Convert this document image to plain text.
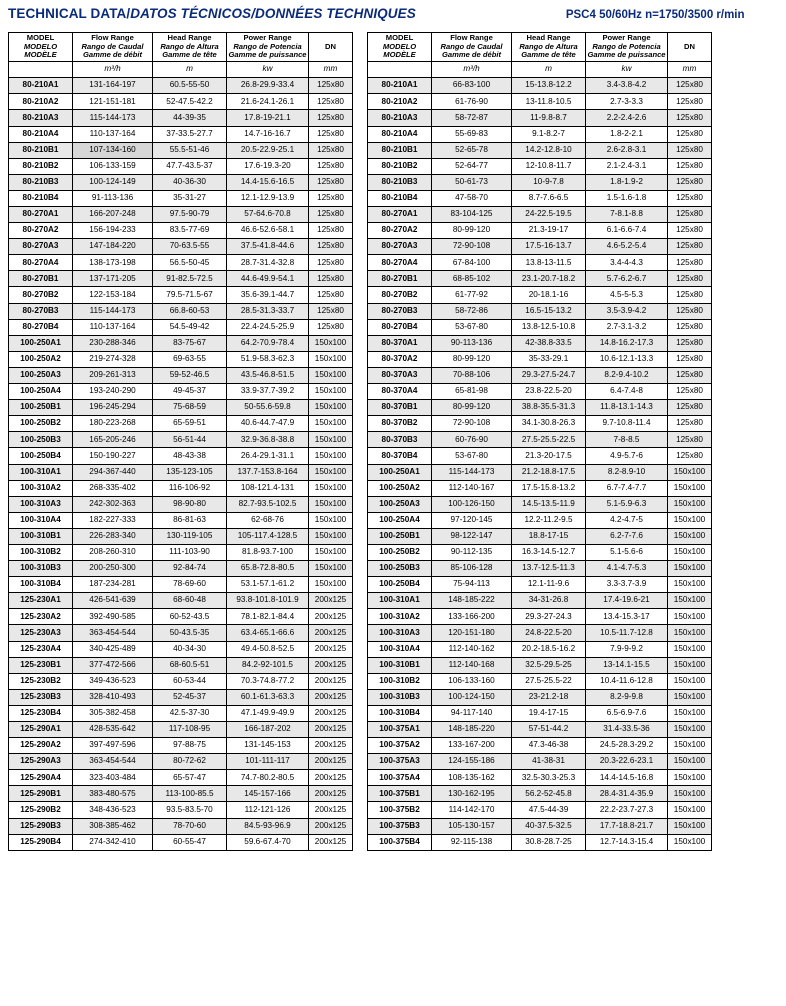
TECHNICAL DATA/DATOS TÉCNICOS/DONNÉES TECHNIQUES	PSC4 50/60Hz n=1750/3500 r/min
MODEL
MODELO
MODÈLE	Flow Range
Rango de Caudal
Gamme de débit	Head Range
Rango de Altura
Gamme de tête	Power Range
Rango de Potencia
Gamme de puissance	DN

	m³/h	m	kw	mm
80-210A1	131-164-197	60.5-55-50	26.8-29.9-33.4	125x80
80-210A2	121-151-181	52-47.5-42.2	21.6-24.1-26.1	125x80
80-210A3	115-144-173	44-39-35	17.8-19-21.1	125x80
80-210A4	110-137-164	37-33.5-27.7	14.7-16-16.7	125x80
80-210B1	107-134-160	55.5-51-46	20.5-22.9-25.1	125x80
80-210B2	106-133-159	47.7-43.5-37	17.6-19.3-20	125x80
80-210B3	100-124-149	40-36-30	14.4-15.6-16.5	125x80
80-210B4	91-113-136	35-31-27	12.1-12.9-13.9	125x80
80-270A1	166-207-248	97.5-90-79	57-64.6-70.8	125x80
80-270A2	156-194-233	83.5-77-69	46.6-52.6-58.1	125x80
80-270A3	147-184-220	70-63.5-55	37.5-41.8-44.6	125x80
80-270A4	138-173-198	56.5-50-45	28.7-31.4-32.8	125x80
80-270B1	137-171-205	91-82.5-72.5	44.6-49.9-54.1	125x80
80-270B2	122-153-184	79.5-71.5-67	35.6-39.1-44.7	125x80
80-270B3	115-144-173	66.8-60-53	28.5-31.3-33.7	125x80
80-270B4	110-137-164	54.5-49-42	22.4-24.5-25.9	125x80
100-250A1	230-288-346	83-75-67	64.2-70.9-78.4	150x100
100-250A2	219-274-328	69-63-55	51.9-58.3-62.3	150x100
100-250A3	209-261-313	59-52-46.5	43.5-46.8-51.5	150x100
100-250A4	193-240-290	49-45-37	33.9-37.7-39.2	150x100
100-250B1	196-245-294	75-68-59	50-55.6-59.8	150x100
100-250B2	180-223-268	65-59-51	40.6-44.7-47.9	150x100
100-250B3	165-205-246	56-51-44	32.9-36.8-38.8	150x100
100-250B4	150-190-227	48-43-38	26.4-29.1-31.1	150x100
100-310A1	294-367-440	135-123-105	137.7-153.8-164	150x100
100-310A2	268-335-402	116-106-92	108-121.4-131	150x100
100-310A3	242-302-363	98-90-80	82.7-93.5-102.5	150x100
100-310A4	182-227-333	86-81-63	62-68-76	150x100
100-310B1	226-283-340	130-119-105	105-117.4-128.5	150x100
100-310B2	208-260-310	111-103-90	81.8-93.7-100	150x100
100-310B3	200-250-300	92-84-74	65.8-72.8-80.5	150x100
100-310B4	187-234-281	78-69-60	53.1-57.1-61.2	150x100
125-230A1	426-541-639	68-60-48	93.8-101.8-101.9	200x125
125-230A2	392-490-585	60-52-43.5	78.1-82.1-84.4	200x125
125-230A3	363-454-544	50-43.5-35	63.4-65.1-66.6	200x125
125-230A4	340-425-489	40-34-30	49.4-50.8-52.5	200x125
125-230B1	377-472-566	68-60.5-51	84.2-92-101.5	200x125
125-230B2	349-436-523	60-53-44	70.3-74.8-77.2	200x125
125-230B3	328-410-493	52-45-37	60.1-61.3-63.3	200x125
125-230B4	305-382-458	42.5-37-30	47.1-49.9-49.9	200x125
125-290A1	428-535-642	117-108-95	166-187-202	200x125
125-290A2	397-497-596	97-88-75	131-145-153	200x125
125-290A3	363-454-544	80-72-62	101-111-117	200x125
125-290A4	323-403-484	65-57-47	74.7-80.2-80.5	200x125
125-290B1	383-480-575	113-100-85.5	145-157-166	200x125
125-290B2	348-436-523	93.5-83.5-70	112-121-126	200x125
125-290B3	308-385-462	78-70-60	84.5-93-96.9	200x125
125-290B4	274-342-410	60-55-47	59.6-67.4-70	200x125
MODEL
MODELO
MODÈLE	Flow Range
Rango de Caudal
Gamme de débit	Head Range
Rango de Altura
Gamme de tête	Power Range
Rango de Potencia
Gamme de puissance	DN

	m³/h	m	kw	mm
80-210A1	66-83-100	15-13.8-12.2	3.4-3.8-4.2	125x80
80-210A2	61-76-90	13-11.8-10.5	2.7-3-3.3	125x80
80-210A3	58-72-87	11-9.8-8.7	2.2-2.4-2.6	125x80
80-210A4	55-69-83	9.1-8.2-7	1.8-2-2.1	125x80
80-210B1	52-65-78	14.2-12.8-10	2.6-2.8-3.1	125x80
80-210B2	52-64-77	12-10.8-11.7	2.1-2.4-3.1	125x80
80-210B3	50-61-73	10-9-7.8	1.8-1.9-2	125x80
80-210B4	47-58-70	8.7-7.6-6.5	1.5-1.6-1.8	125x80
80-270A1	83-104-125	24-22.5-19.5	7-8.1-8.8	125x80
80-270A2	80-99-120	21.3-19-17	6.1-6.6-7.4	125x80
80-270A3	72-90-108	17.5-16-13.7	4.6-5.2-5.4	125x80
80-270A4	67-84-100	13.8-13-11.5	3.4-4-4.3	125x80
80-270B1	68-85-102	23.1-20.7-18.2	5.7-6.2-6.7	125x80
80-270B2	61-77-92	20-18.1-16	4.5-5-5.3	125x80
80-270B3	58-72-86	16.5-15-13.2	3.5-3.9-4.2	125x80
80-270B4	53-67-80	13.8-12.5-10.8	2.7-3.1-3.2	125x80
80-370A1	90-113-136	42-38.8-33.5	14.8-16.2-17.3	125x80
80-370A2	80-99-120	35-33-29.1	10.6-12.1-13.3	125x80
80-370A3	70-88-106	29.3-27.5-24.7	8.2-9.4-10.2	125x80
80-370A4	65-81-98	23.8-22.5-20	6.4-7.4-8	125x80
80-370B1	80-99-120	38.8-35.5-31.3	11.8-13.1-14.3	125x80
80-370B2	72-90-108	34.1-30.8-26.3	9.7-10.8-11.4	125x80
80-370B3	60-76-90	27.5-25.5-22.5	7-8-8.5	125x80
80-370B4	53-67-80	21.3-20-17.5	4.9-5.7-6	125x80
100-250A1	115-144-173	21.2-18.8-17.5	8.2-8.9-10	150x100
100-250A2	112-140-167	17.5-15.8-13.2	6.7-7.4-7.7	150x100
100-250A3	100-126-150	14.5-13.5-11.9	5.1-5.9-6.3	150x100
100-250A4	97-120-145	12.2-11.2-9.5	4.2-4.7-5	150x100
100-250B1	98-122-147	18.8-17-15	6.2-7-7.6	150x100
100-250B2	90-112-135	16.3-14.5-12.7	5.1-5.6-6	150x100
100-250B3	85-106-128	13.7-12.5-11.3	4.1-4.7-5.3	150x100
100-250B4	75-94-113	12.1-11-9.6	3.3-3.7-3.9	150x100
100-310A1	148-185-222	34-31-26.8	17.4-19.6-21	150x100
100-310A2	133-166-200	29.3-27-24.3	13.4-15.3-17	150x100
100-310A3	120-151-180	24.8-22.5-20	10.5-11.7-12.8	150x100
100-310A4	112-140-162	20.2-18.5-16.2	7.9-9-9.2	150x100
100-310B1	112-140-168	32.5-29.5-25	13-14.1-15.5	150x100
100-310B2	106-133-160	27.5-25.5-22	10.4-11.6-12.8	150x100
100-310B3	100-124-150	23-21.2-18	8.2-9-9.8	150x100
100-310B4	94-117-140	19.4-17-15	6.5-6.9-7.6	150x100
100-375A1	148-185-220	57-51-44.2	31.4-33.5-36	150x100
100-375A2	133-167-200	47.3-46-38	24.5-28.3-29.2	150x100
100-375A3	124-155-186	41-38-31	20.3-22.6-23.1	150x100
100-375A4	108-135-162	32.5-30.3-25.3	14.4-14.5-16.8	150x100
100-375B1	130-162-195	56.2-52-45.8	28.4-31.4-35.9	150x100
100-375B2	114-142-170	47.5-44-39	22.2-23.7-27.3	150x100
100-375B3	105-130-157	40-37.5-32.5	17.7-18.8-21.7	150x100
100-375B4	92-115-138	30.8-28.7-25	12.7-14.3-15.4	150x100
